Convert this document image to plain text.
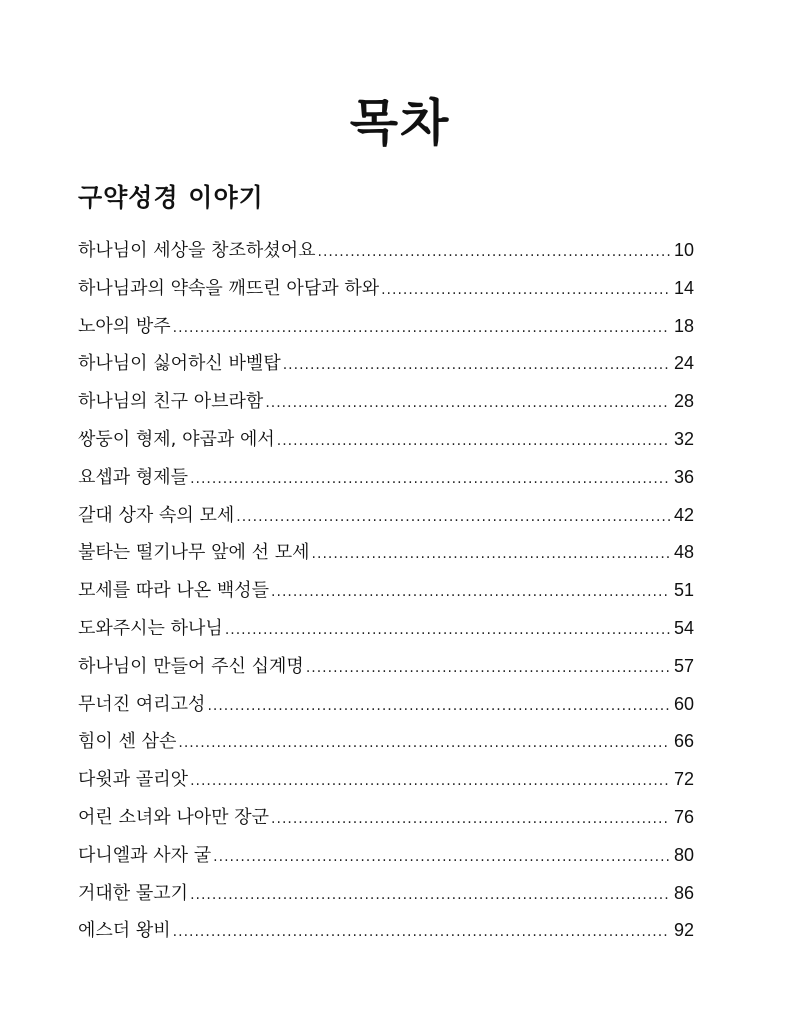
목차
구약성경 이야기
하나님이 세상을 창조하셨어요 .....	10
하나님과의 약속을 깨뜨린 아담과 하와 .....	14
노아의 방주 .....	18
하나님이 싫어하신 바벨탑 .....	24
하나님의 친구 아브라함 .....	28
쌍둥이 형제, 야곱과 에서 .....	32
요셉과 형제들 .....	36
갈대 상자 속의 모세 .....	42
불타는 떨기나무 앞에 선 모세 .....	48
모세를 따라 나온 백성들 .....	51
도와주시는 하나님 .....	54
하나님이 만들어 주신 십계명 .....	57
무너진 여리고성 .....	60
힘이 센 삼손 .....	66
다윗과 골리앗 .....	72
어린 소녀와 나아만 장군 .....	76
다니엘과 사자 굴 .....	80
거대한 물고기 .....	86
에스더 왕비 .....	92
